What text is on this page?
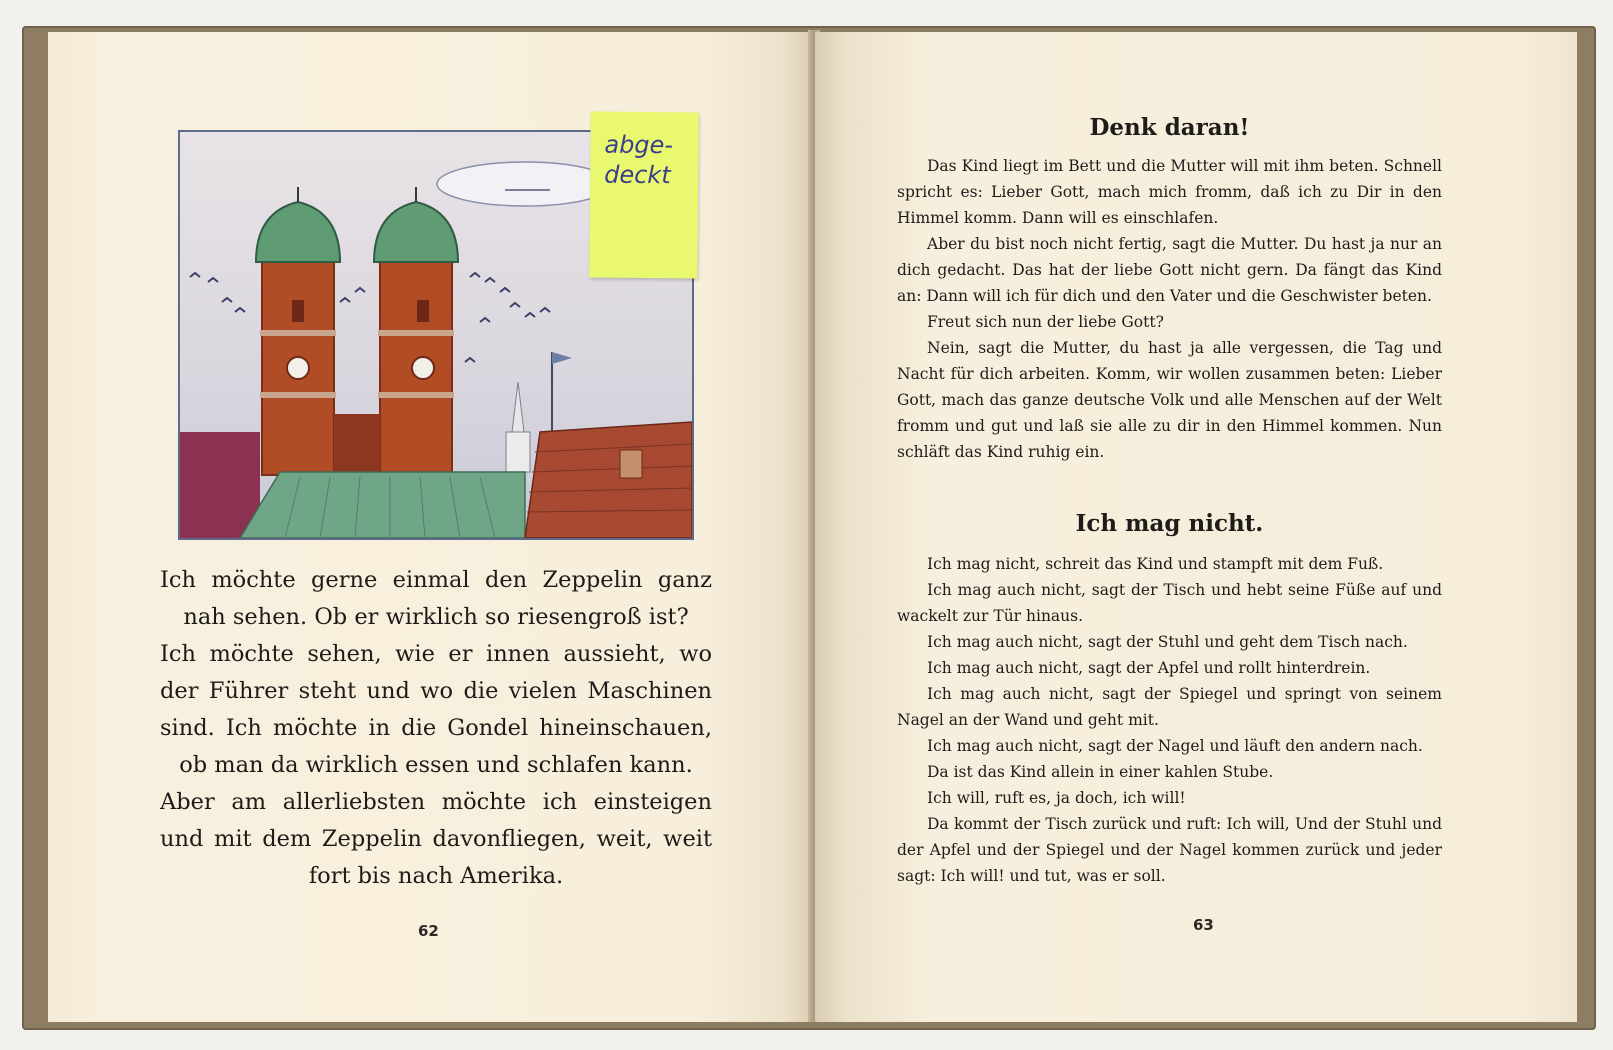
abge-
deckt

Ich möchte gerne einmal den Zeppelin ganz nah sehen. Ob er wirklich so riesengroß ist?

Ich möchte sehen, wie er innen aussieht, wo der Führer steht und wo die vielen Maschinen sind. Ich möchte in die Gondel hineinschauen, ob man da wirklich essen und schlafen kann.

Aber am allerliebsten möchte ich einsteigen und mit dem Zeppelin davonfliegen, weit, weit fort bis nach Amerika.

62
Denk daran!

Das Kind liegt im Bett und die Mutter will mit ihm beten. Schnell spricht es: Lieber Gott, mach mich fromm, daß ich zu Dir in den Himmel komm. Dann will es einschlafen.

Aber du bist noch nicht fertig, sagt die Mutter. Du hast ja nur an dich gedacht. Das hat der liebe Gott nicht gern. Da fängt das Kind an: Dann will ich für dich und den Vater und die Geschwister beten.

Freut sich nun der liebe Gott?

Nein, sagt die Mutter, du hast ja alle vergessen, die Tag und Nacht für dich arbeiten. Komm, wir wollen zusammen beten: Lieber Gott, mach das ganze deutsche Volk und alle Menschen auf der Welt fromm und gut und laß sie alle zu dir in den Himmel kommen. Nun schläft das Kind ruhig ein.

Ich mag nicht.

Ich mag nicht, schreit das Kind und stampft mit dem Fuß.

Ich mag auch nicht, sagt der Tisch und hebt seine Füße auf und wackelt zur Tür hinaus.

Ich mag auch nicht, sagt der Stuhl und geht dem Tisch nach.

Ich mag auch nicht, sagt der Apfel und rollt hinterdrein.

Ich mag auch nicht, sagt der Spiegel und springt von seinem Nagel an der Wand und geht mit.

Ich mag auch nicht, sagt der Nagel und läuft den andern nach.

Da ist das Kind allein in einer kahlen Stube.

Ich will, ruft es, ja doch, ich will!

Da kommt der Tisch zurück und ruft: Ich will, Und der Stuhl und der Apfel und der Spiegel und der Nagel kommen zurück und jeder sagt: Ich will! und tut, was er soll.

63
